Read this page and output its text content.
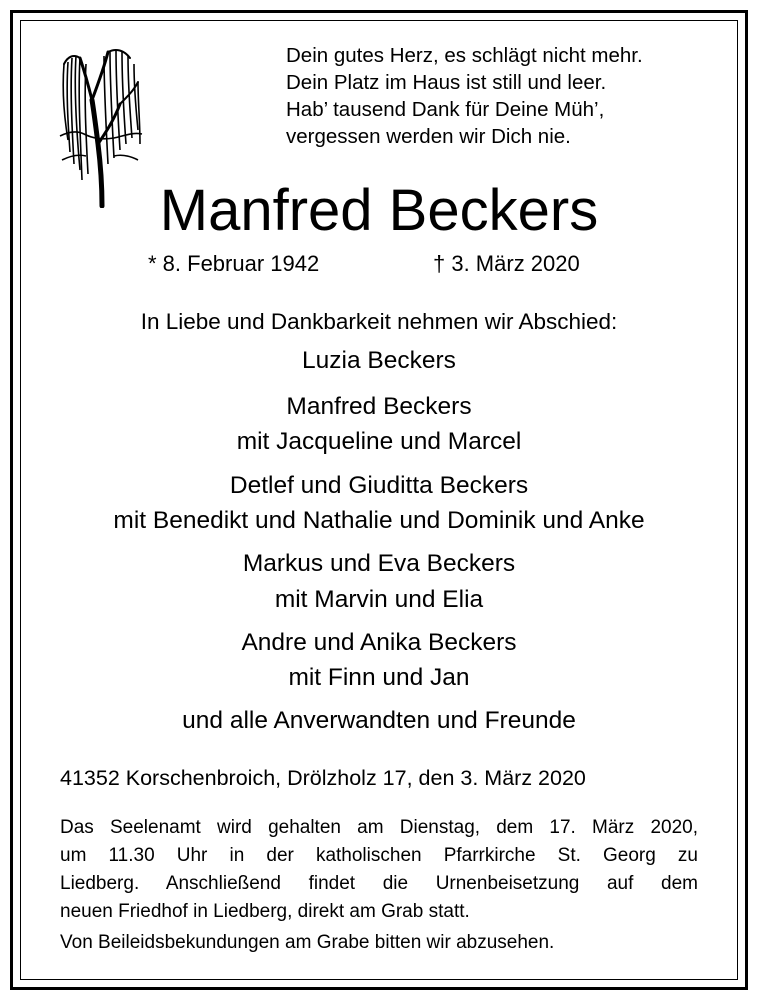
Dein gutes Herz, es schlägt nicht mehr.
Dein Platz im Haus ist still und leer.
Hab’ tausend Dank für Deine Müh’,
vergessen werden wir Dich nie.
Manfred Beckers
* 8. Februar 1942	† 3. März 2020
In Liebe und Dankbarkeit nehmen wir Abschied:
Luzia Beckers
Manfred Beckers
mit Jacqueline und Marcel
Detlef und Giuditta Beckers
mit Benedikt und Nathalie und Dominik und Anke
Markus und Eva Beckers
mit Marvin und Elia
Andre und Anika Beckers
mit Finn und Jan
und alle Anverwandten und Freunde
41352 Korschenbroich, Drölzholz 17, den 3. März 2020
Das Seelenamt wird gehalten am Dienstag, dem 17. März 2020,
um 11.30 Uhr in der katholischen Pfarrkirche St. Georg zu
Liedberg. Anschließend findet die Urnenbeisetzung auf dem
neuen Friedhof in Liedberg, direkt am Grab statt.
Von Beileidsbekundungen am Grabe bitten wir abzusehen.
